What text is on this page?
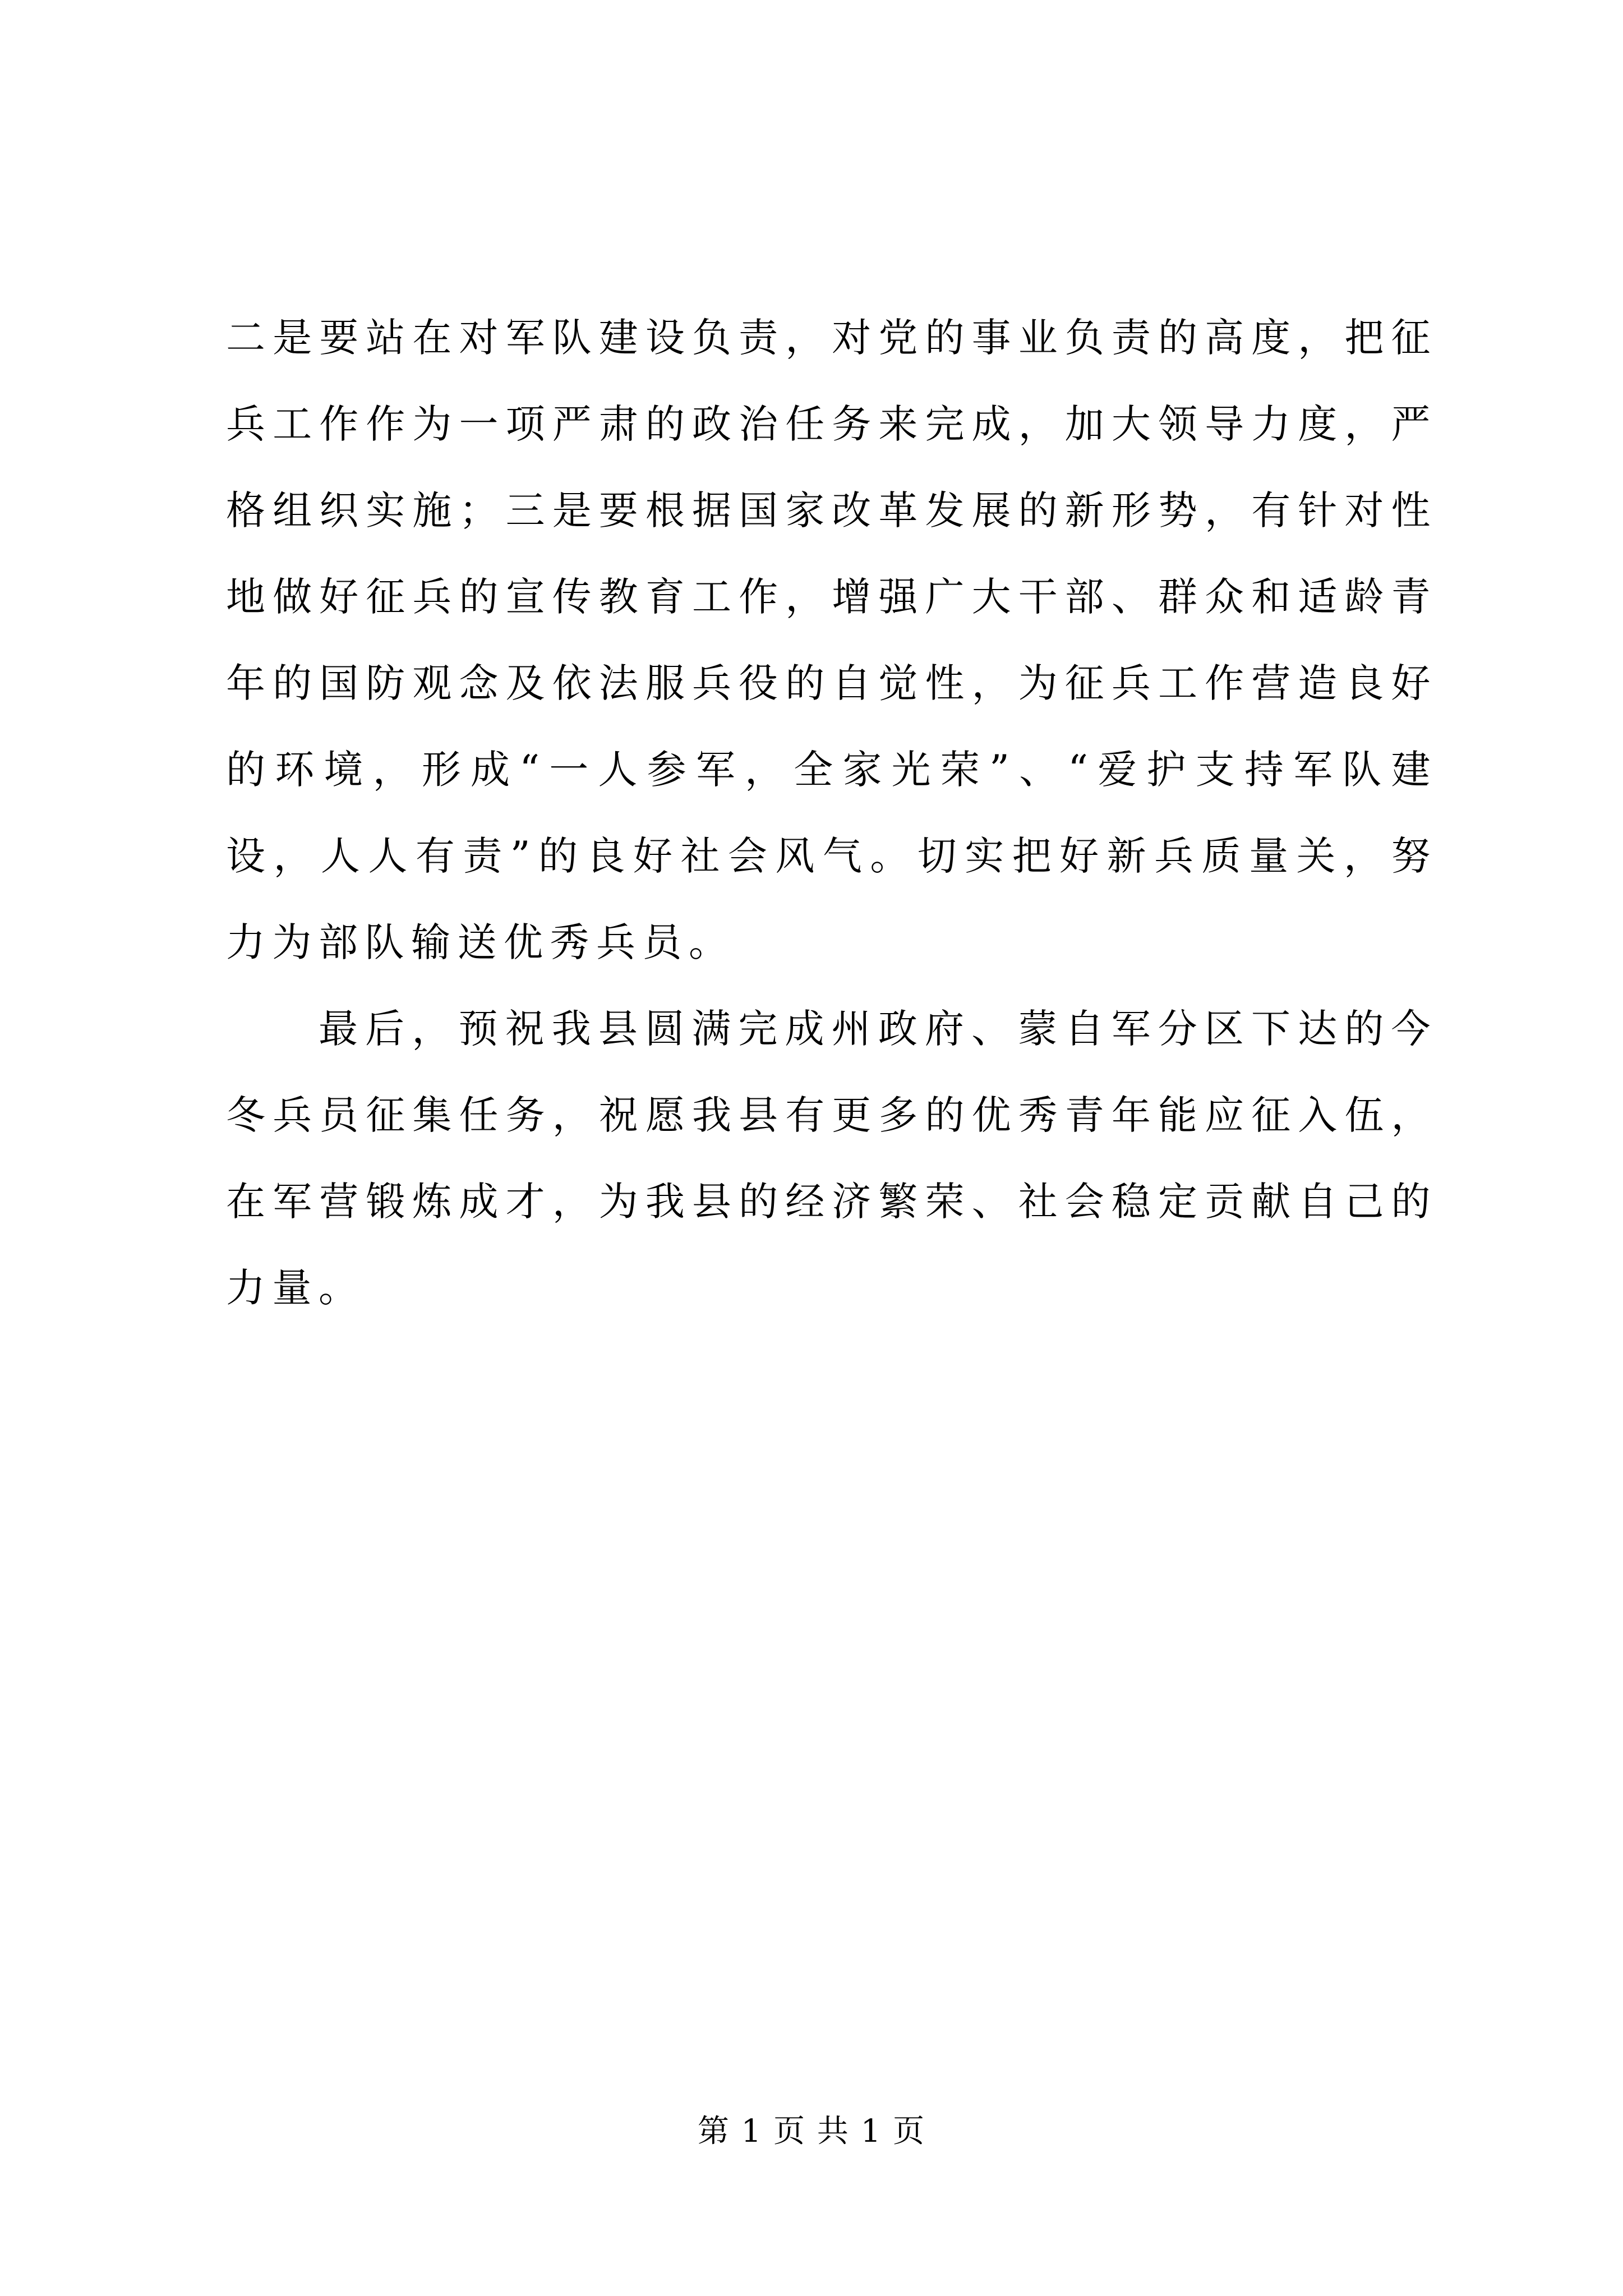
二是要站在对军队建设负责，对党的事业负责的高度，把征兵工作作为一项严肃的政治任务来完成，加大领导力度，严格组织实施；三是要根据国家改革发展的新形势，有针对性地做好征兵的宣传教育工作，增强广大干部、群众和适龄青年的国防观念及依法服兵役的自觉性，为征兵工作营造良好的环境，形成“一人参军，全家光荣”、“爱护支持军队建设，人人有责”的良好社会风气。切实把好新兵质量关，努力为部队输送优秀兵员。

最后，预祝我县圆满完成州政府、蒙自军分区下达的今冬兵员征集任务，祝愿我县有更多的优秀青年能应征入伍，在军营锻炼成才，为我县的经济繁荣、社会稳定贡献自己的力量。

第 1 页 共 1 页
